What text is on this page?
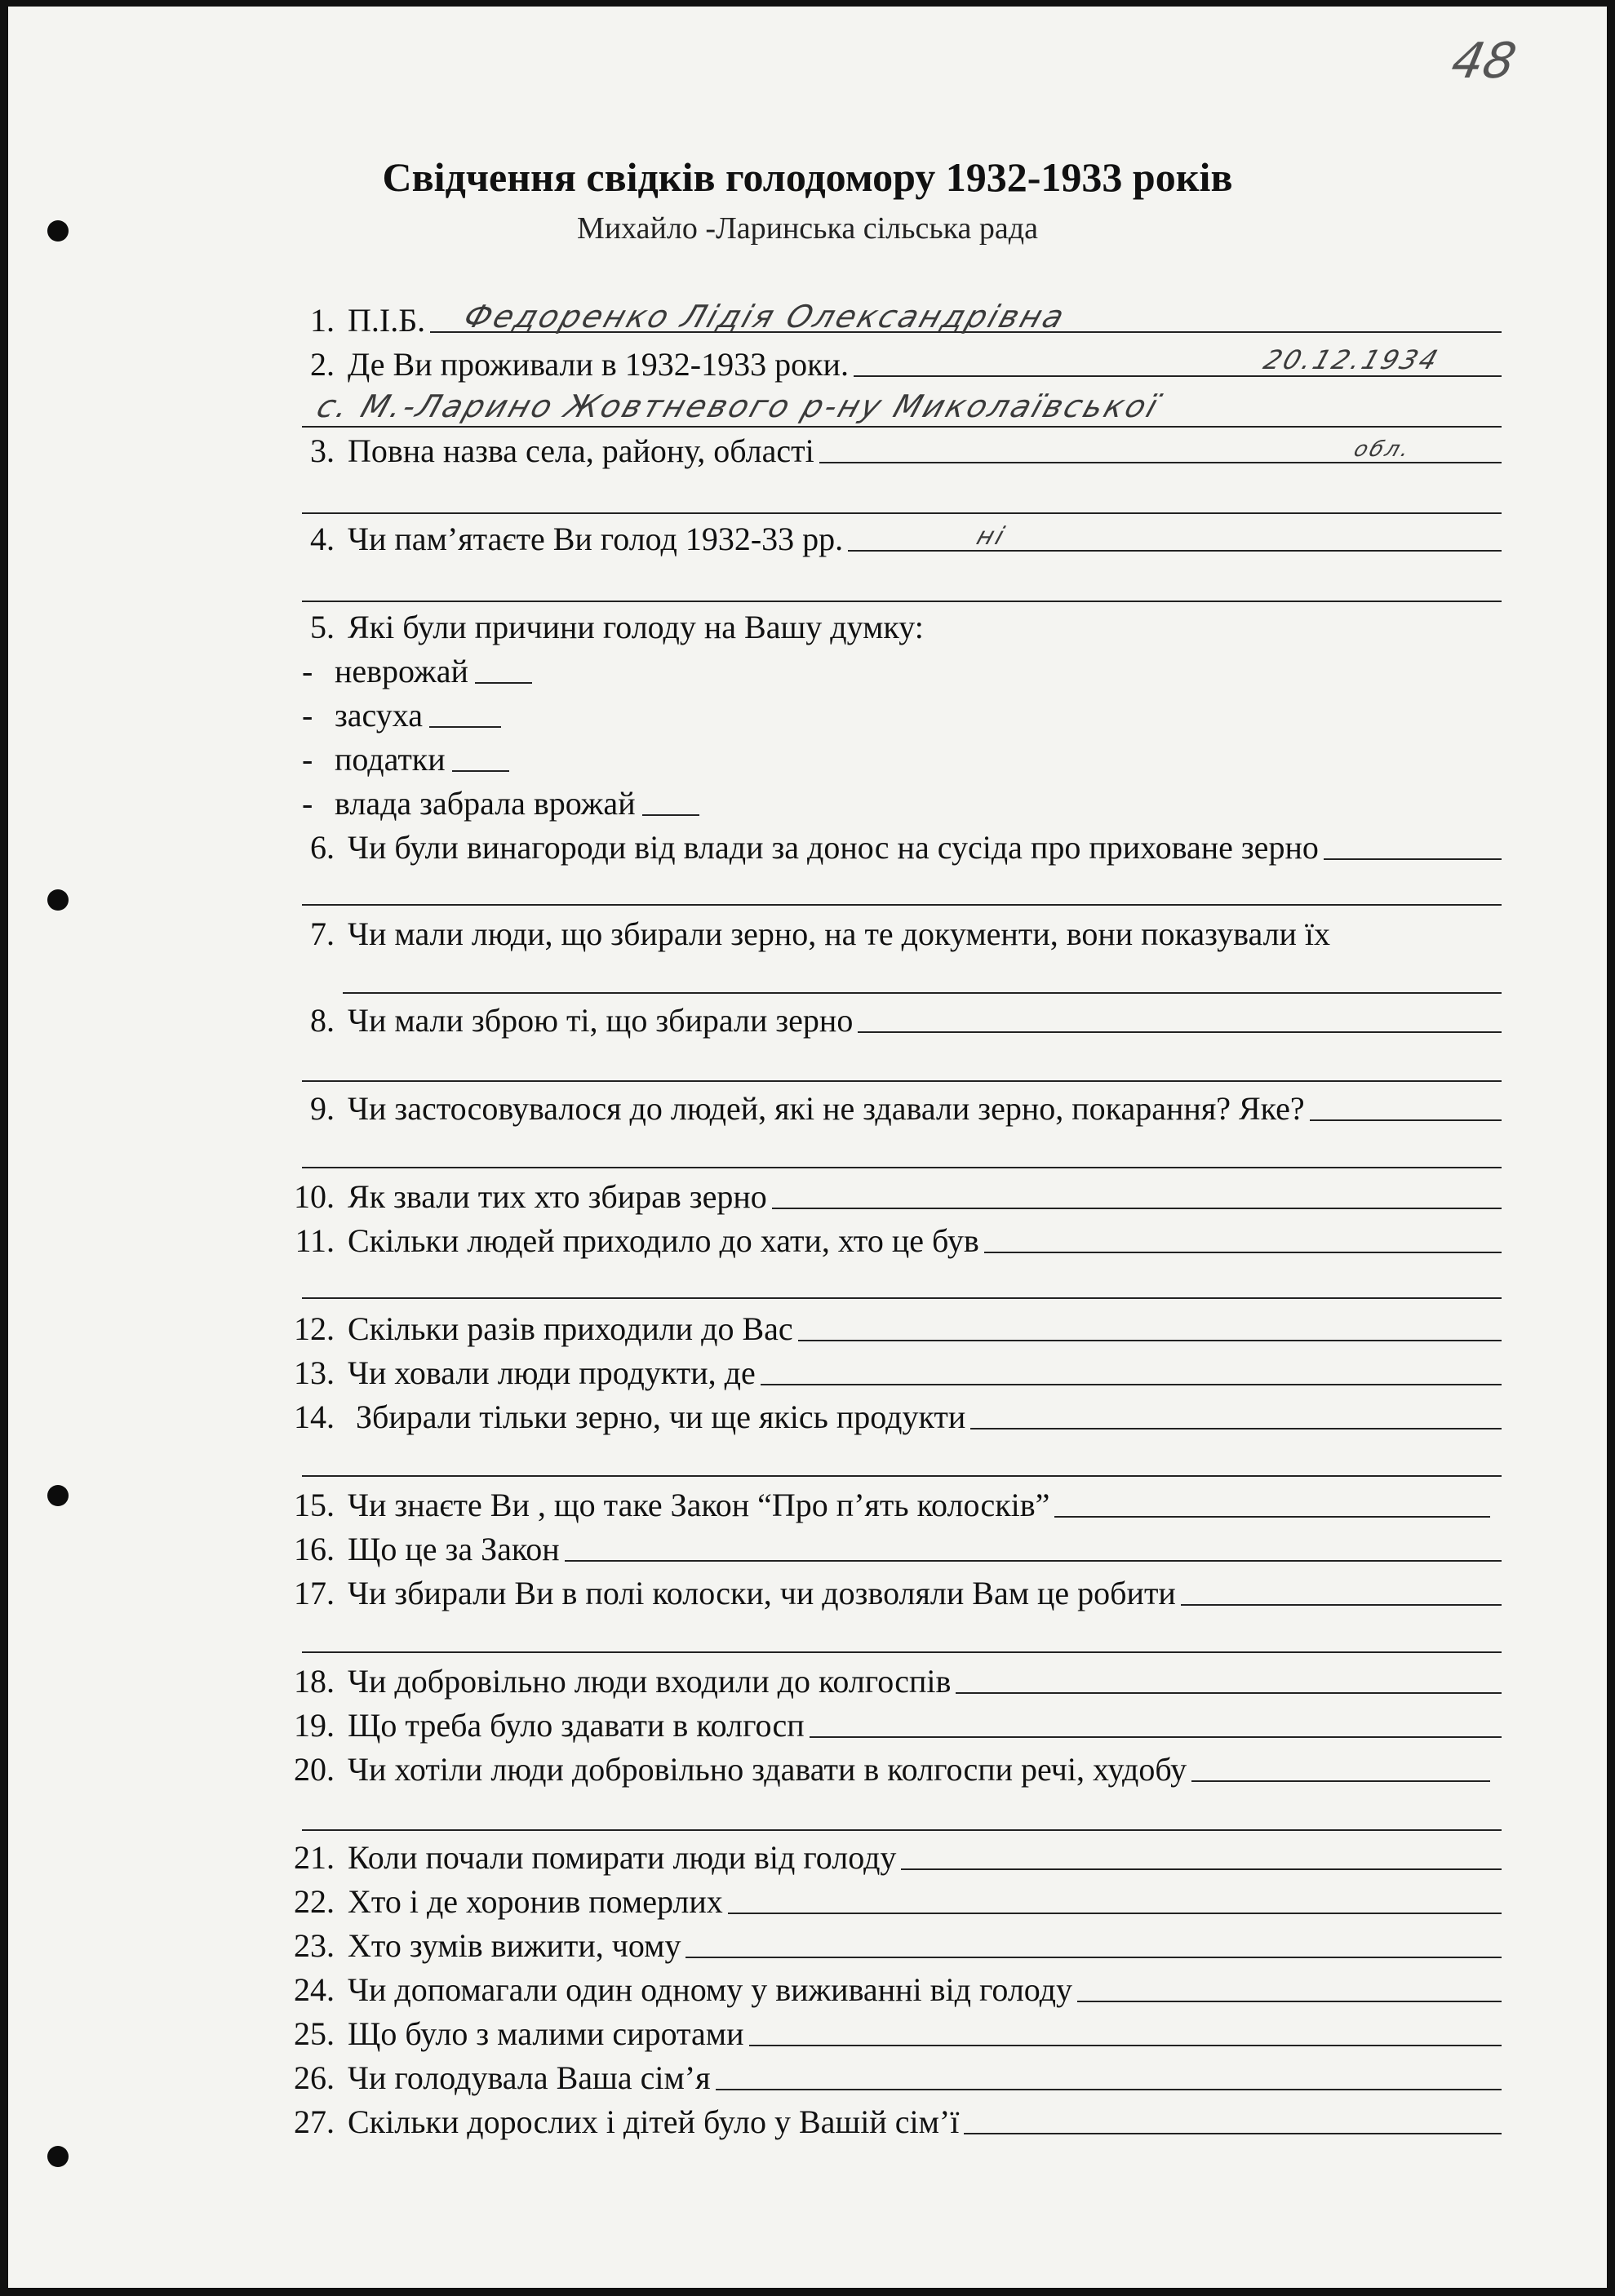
48
Свідчення свідків голодомору 1932-1933 років
Михайло -Ларинська сільська рада
1. П.І.Б. Федоренко Лідія Олександрівна
2. Де Ви проживали в 1932-1933 роки.	20.12.1934
с. М.-Ларино Жовтневого р-ну Миколаївської
3. Повна назва села, району, області	обл.
4. Чи пам’ятаєте Ви голод 1932-33 рр.	ні
5. Які були причини голоду на Вашу думку:
- неврожай
- засуха
- податки
- влада забрала врожай
6. Чи були винагороди від влади за донос на сусіда про приховане зерно
7. Чи мали люди, що збирали зерно, на те документи, вони показували їх
8. Чи мали зброю ті, що збирали зерно
9. Чи застосовувалося до людей, які не здавали зерно, покарання? Яке?
10. Як звали тих хто збирав зерно
11. Скільки людей приходило до хати, хто це був
12. Скільки разів приходили до Вас
13. Чи ховали люди продукти, де
14. Збирали тільки зерно, чи ще якісь продукти
15. Чи знаєте Ви , що таке Закон “Про п’ять колосків”
16. Що це за Закон
17. Чи збирали Ви в полі колоски, чи дозволяли Вам це робити
18. Чи добровільно люди входили до колгоспів
19. Що треба було здавати в колгосп
20. Чи хотіли люди добровільно здавати в колгоспи речі, худобу
21. Коли почали помирати люди від голоду
22. Хто і де хоронив померлих
23. Хто зумів вижити, чому
24. Чи допомагали один одному у виживанні від голоду
25. Що було з малими сиротами
26. Чи голодувала Ваша сім’я
27. Скільки дорослих і дітей було у Вашій сім’ї
